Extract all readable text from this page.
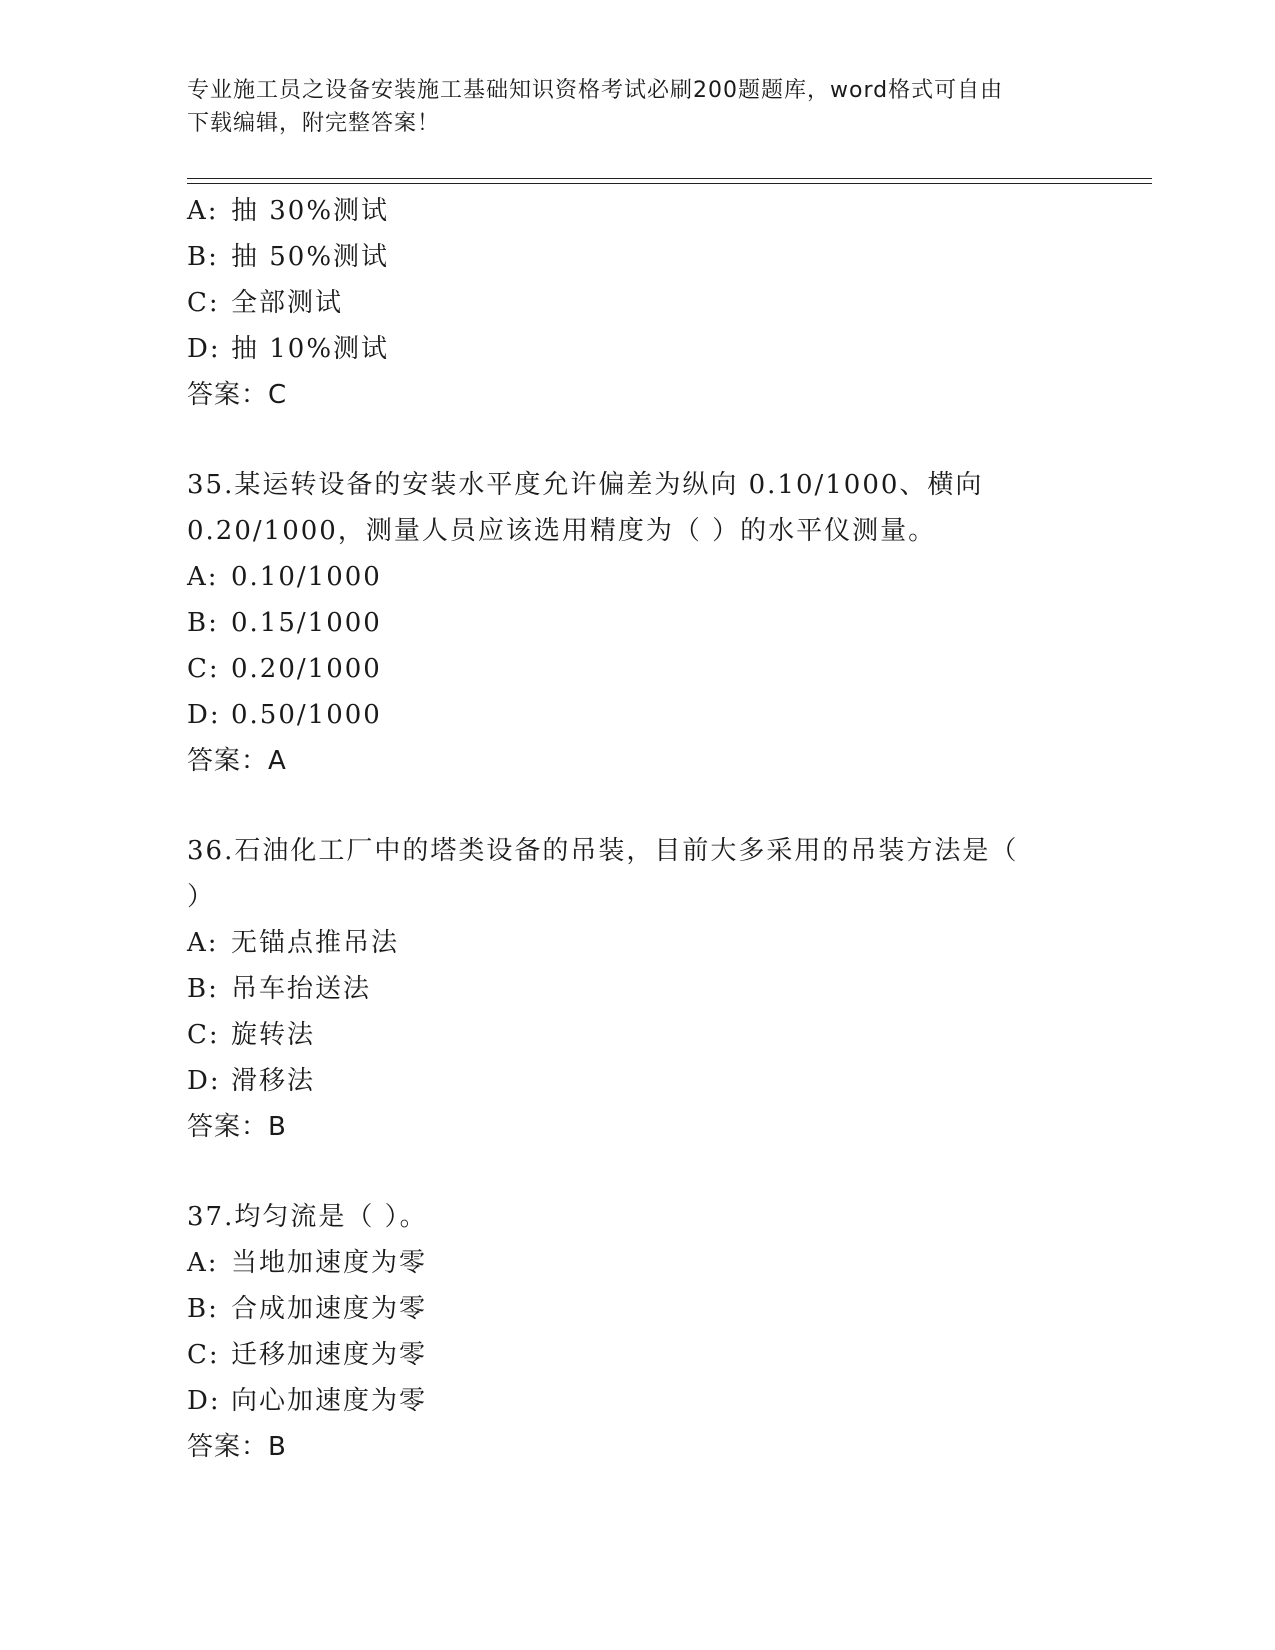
专业施工员之设备安装施工基础知识资格考试必刷200题题库，word格式可自由
下载编辑，附完整答案！
A: 抽 30%测试
B: 抽 50%测试
C: 全部测试
D: 抽 10%测试
答案：C
35.某运转设备的安装水平度允许偏差为纵向 0.10/1000、横向
0.20/1000，测量人员应该选用精度为（ ）的水平仪测量。
A: 0.10/1000
B: 0.15/1000
C: 0.20/1000
D: 0.50/1000
答案：A
36.石油化工厂中的塔类设备的吊装，目前大多采用的吊装方法是（
）
A: 无锚点推吊法
B: 吊车抬送法
C: 旋转法
D: 滑移法
答案：B
37.均匀流是（ ）。
A: 当地加速度为零
B: 合成加速度为零
C: 迁移加速度为零
D: 向心加速度为零
答案：B
